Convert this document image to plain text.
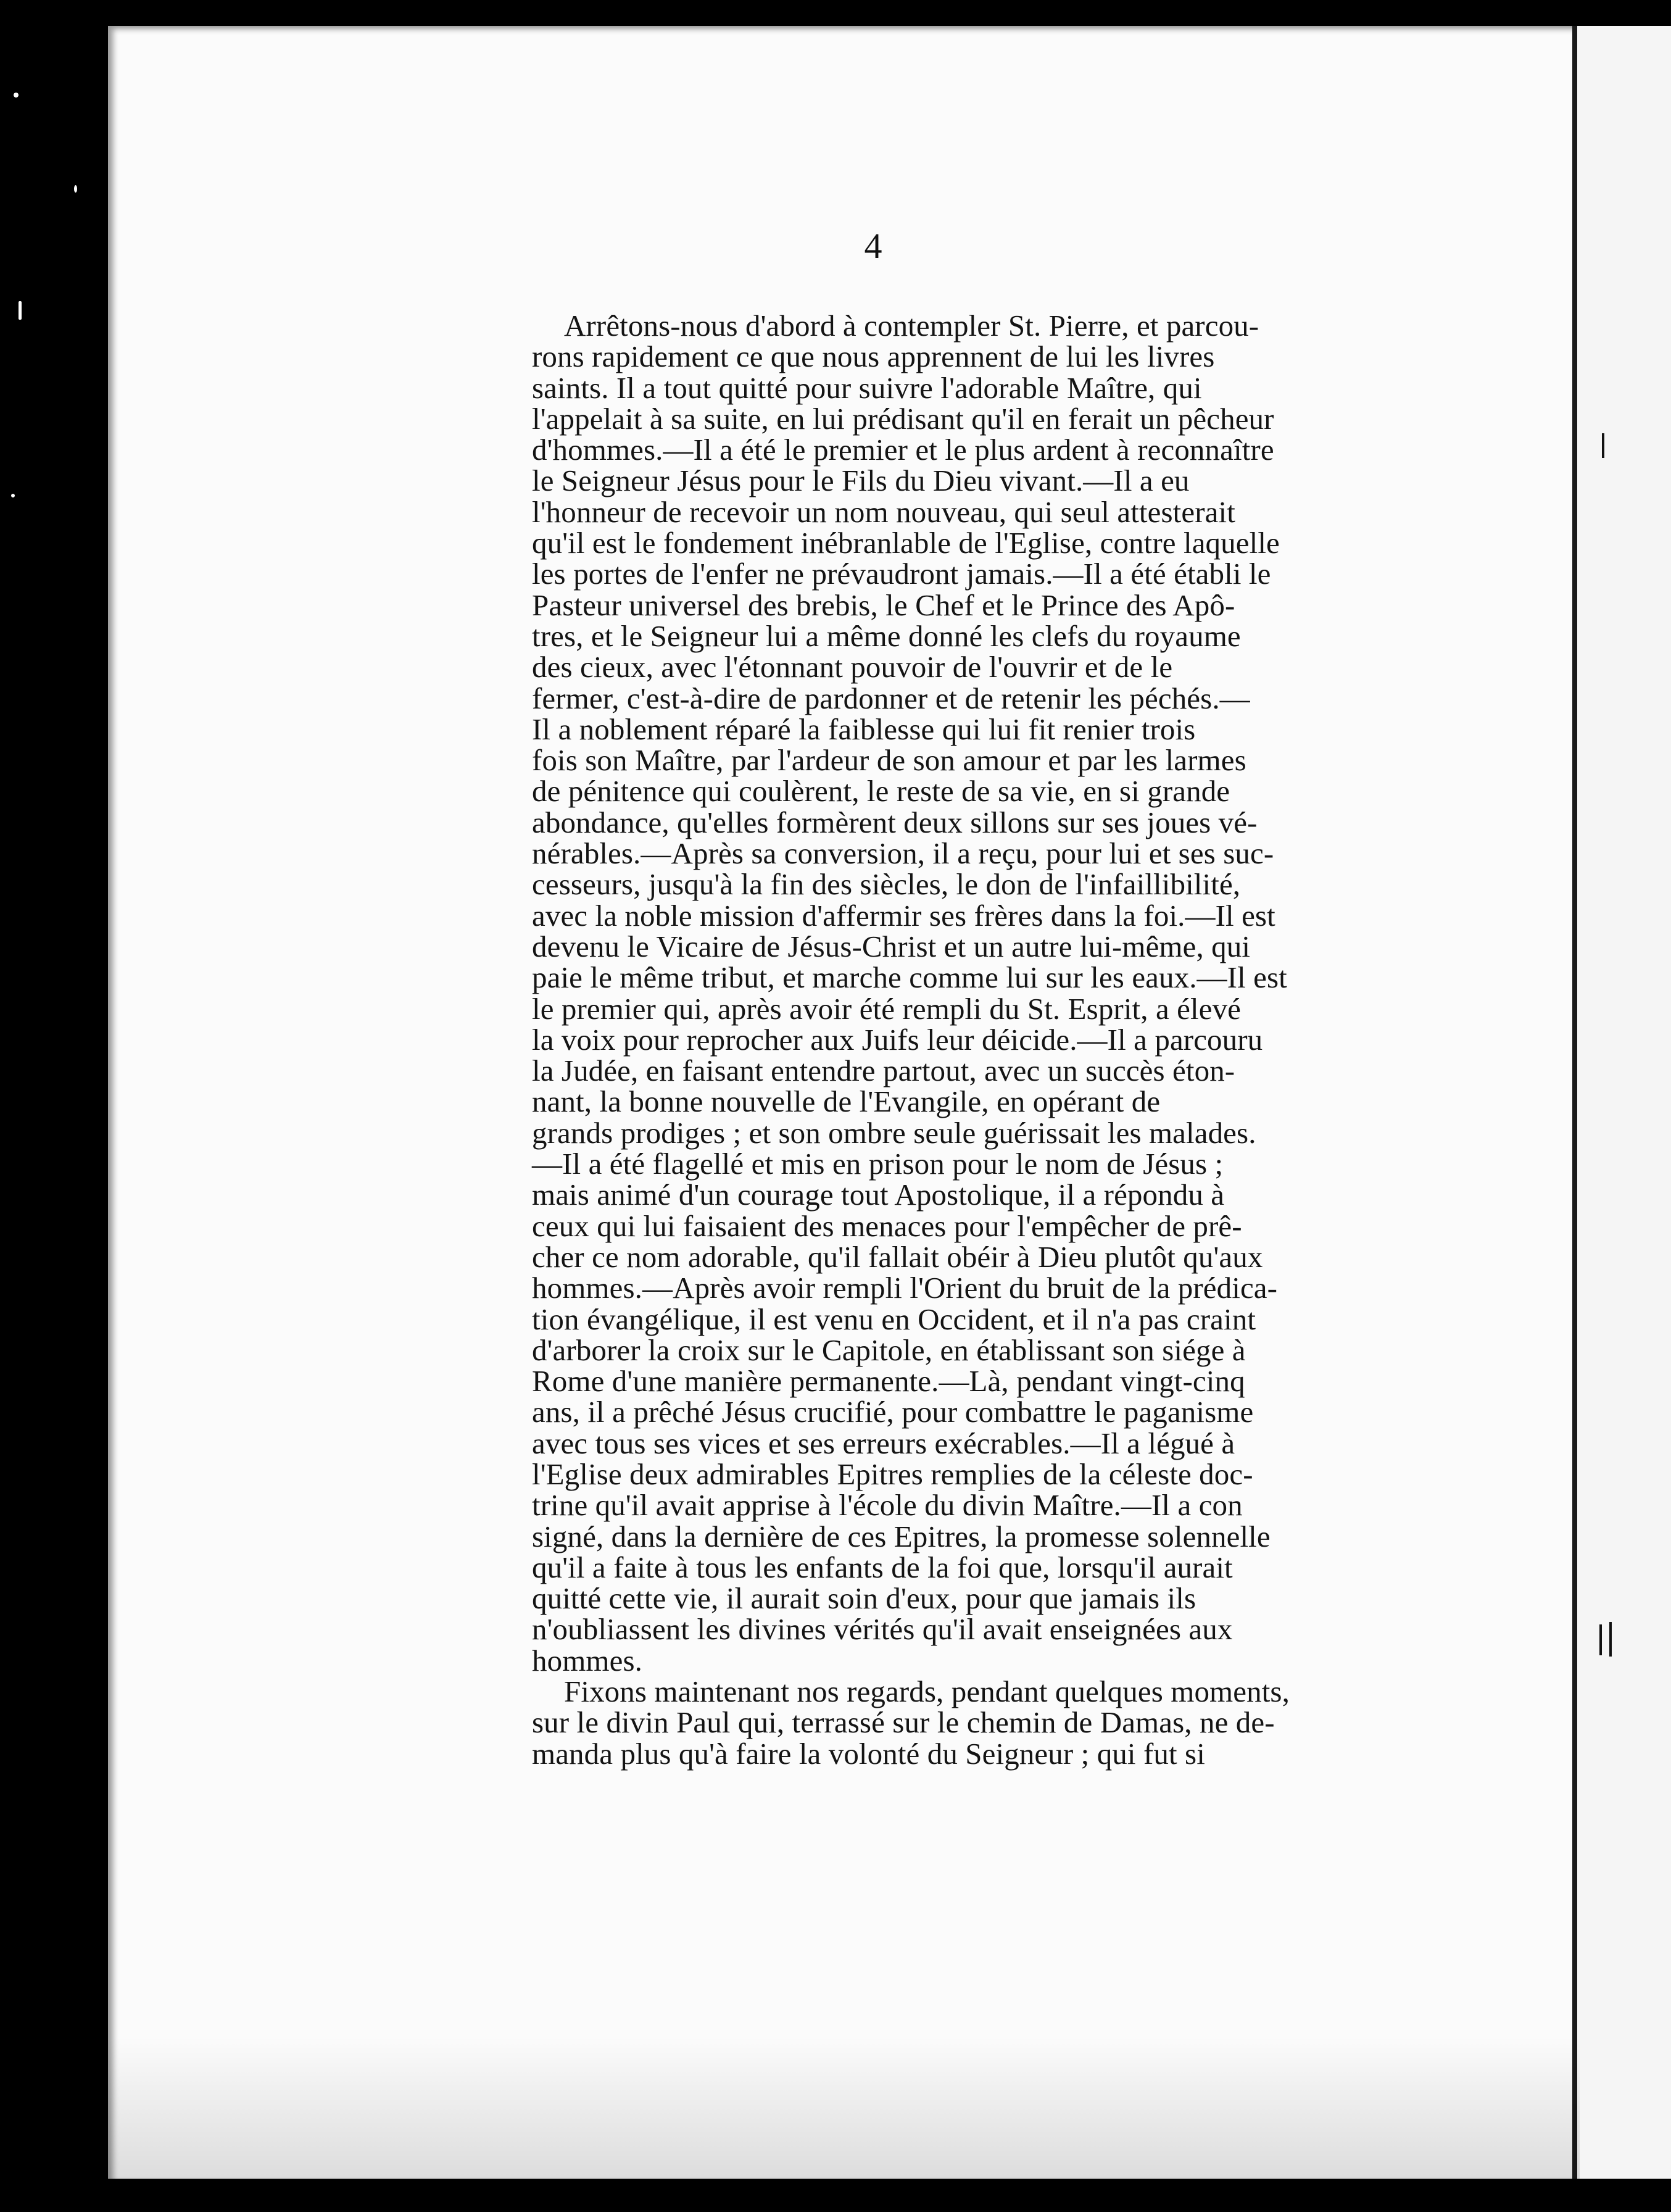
4

Arrêtons-nous d'abord à contempler St. Pierre, et parcou-
rons rapidement ce que nous apprennent de lui les livres
saints. Il a tout quitté pour suivre l'adorable Maître, qui
l'appelait à sa suite, en lui prédisant qu'il en ferait un pêcheur
d'hommes.—Il a été le premier et le plus ardent à reconnaître
le Seigneur Jésus pour le Fils du Dieu vivant.—Il a eu
l'honneur de recevoir un nom nouveau, qui seul attesterait
qu'il est le fondement inébranlable de l'Eglise, contre laquelle
les portes de l'enfer ne prévaudront jamais.—Il a été établi le
Pasteur universel des brebis, le Chef et le Prince des Apô-
tres, et le Seigneur lui a même donné les clefs du royaume
des cieux, avec l'étonnant pouvoir de l'ouvrir et de le
fermer, c'est-à-dire de pardonner et de retenir les péchés.—
Il a noblement réparé la faiblesse qui lui fit renier trois
fois son Maître, par l'ardeur de son amour et par les larmes
de pénitence qui coulèrent, le reste de sa vie, en si grande
abondance, qu'elles formèrent deux sillons sur ses joues vé-
nérables.—Après sa conversion, il a reçu, pour lui et ses suc-
cesseurs, jusqu'à la fin des siècles, le don de l'infaillibilité,
avec la noble mission d'affermir ses frères dans la foi.—Il est
devenu le Vicaire de Jésus-Christ et un autre lui-même, qui
paie le même tribut, et marche comme lui sur les eaux.—Il est
le premier qui, après avoir été rempli du St. Esprit, a élevé
la voix pour reprocher aux Juifs leur déicide.—Il a parcouru
la Judée, en faisant entendre partout, avec un succès éton-
nant, la bonne nouvelle de l'Evangile, en opérant de
grands prodiges ; et son ombre seule guérissait les malades.
—Il a été flagellé et mis en prison pour le nom de Jésus ;
mais animé d'un courage tout Apostolique, il a répondu à
ceux qui lui faisaient des menaces pour l'empêcher de prê-
cher ce nom adorable, qu'il fallait obéir à Dieu plutôt qu'aux
hommes.—Après avoir rempli l'Orient du bruit de la prédica-
tion évangélique, il est venu en Occident, et il n'a pas craint
d'arborer la croix sur le Capitole, en établissant son siége à
Rome d'une manière permanente.—Là, pendant vingt-cinq
ans, il a prêché Jésus crucifié, pour combattre le paganisme
avec tous ses vices et ses erreurs exécrables.—Il a légué à
l'Eglise deux admirables Epitres remplies de la céleste doc-
trine qu'il avait apprise à l'école du divin Maître.—Il a con
signé, dans la dernière de ces Epitres, la promesse solennelle
qu'il a faite à tous les enfants de la foi que, lorsqu'il aurait
quitté cette vie, il aurait soin d'eux, pour que jamais ils
n'oubliassent les divines vérités qu'il avait enseignées aux
hommes.

Fixons maintenant nos regards, pendant quelques moments,
sur le divin Paul qui, terrassé sur le chemin de Damas, ne de-
manda plus qu'à faire la volonté du Seigneur ; qui fut si
